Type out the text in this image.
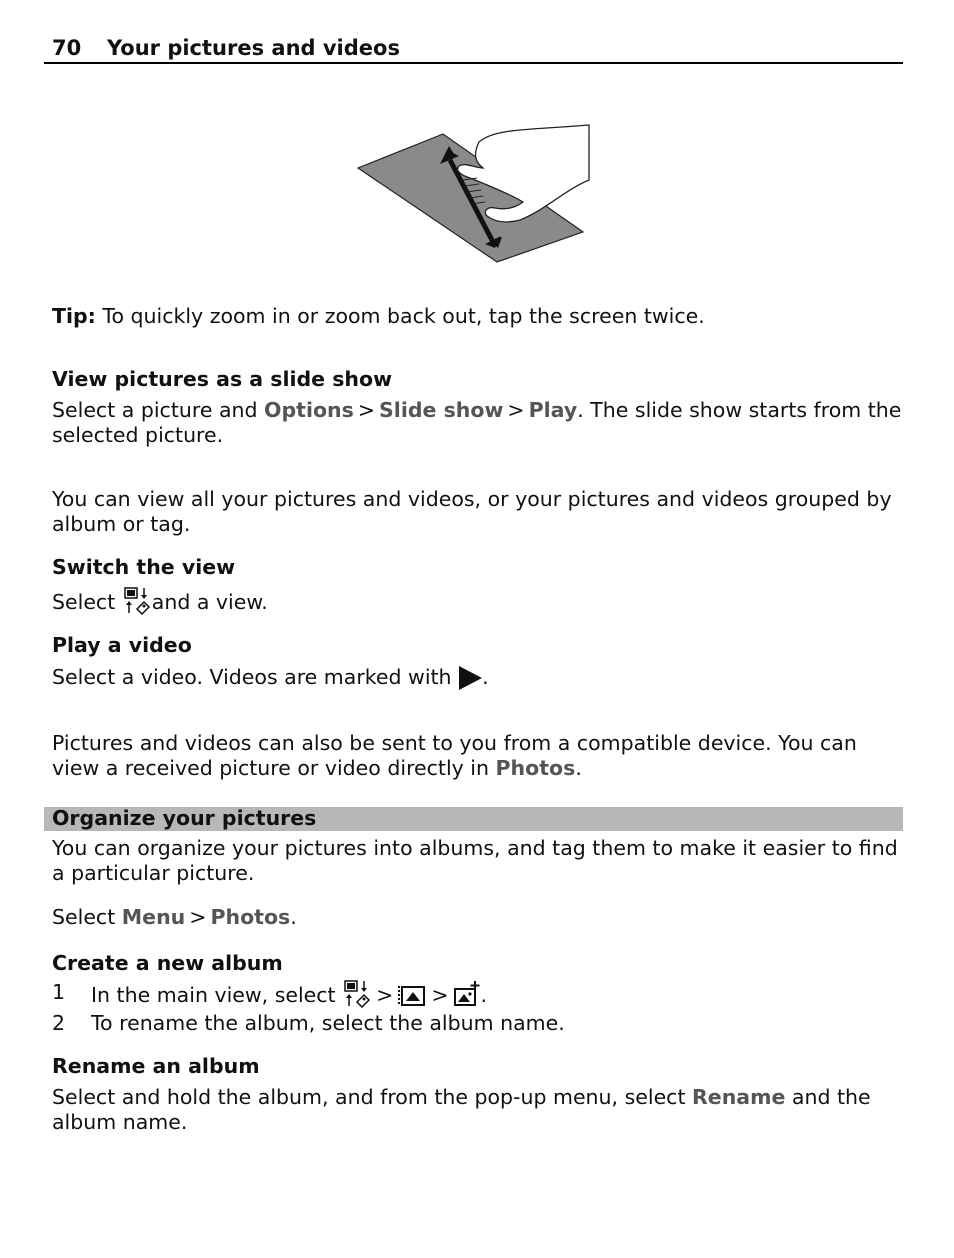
70 Your pictures and videos
Tip: To quickly zoom in or zoom back out, tap the screen twice.
View pictures as a slide show
Select a picture and Options > Slide show > Play. The slide show starts from the selected picture.
You can view all your pictures and videos, or your pictures and videos grouped by album or tag.
Switch the view
Select and a view.
Play a video
Select a video. Videos are marked with .
Pictures and videos can also be sent to you from a compatible device. You can view a received picture or video directly in Photos.
Organize your pictures
You can organize your pictures into albums, and tag them to make it easier to find a particular picture.
Select Menu > Photos.
Create a new album
1 In the main view, select > > .
2 To rename the album, select the album name.
Rename an album
Select and hold the album, and from the pop-up menu, select Rename and the album name.
